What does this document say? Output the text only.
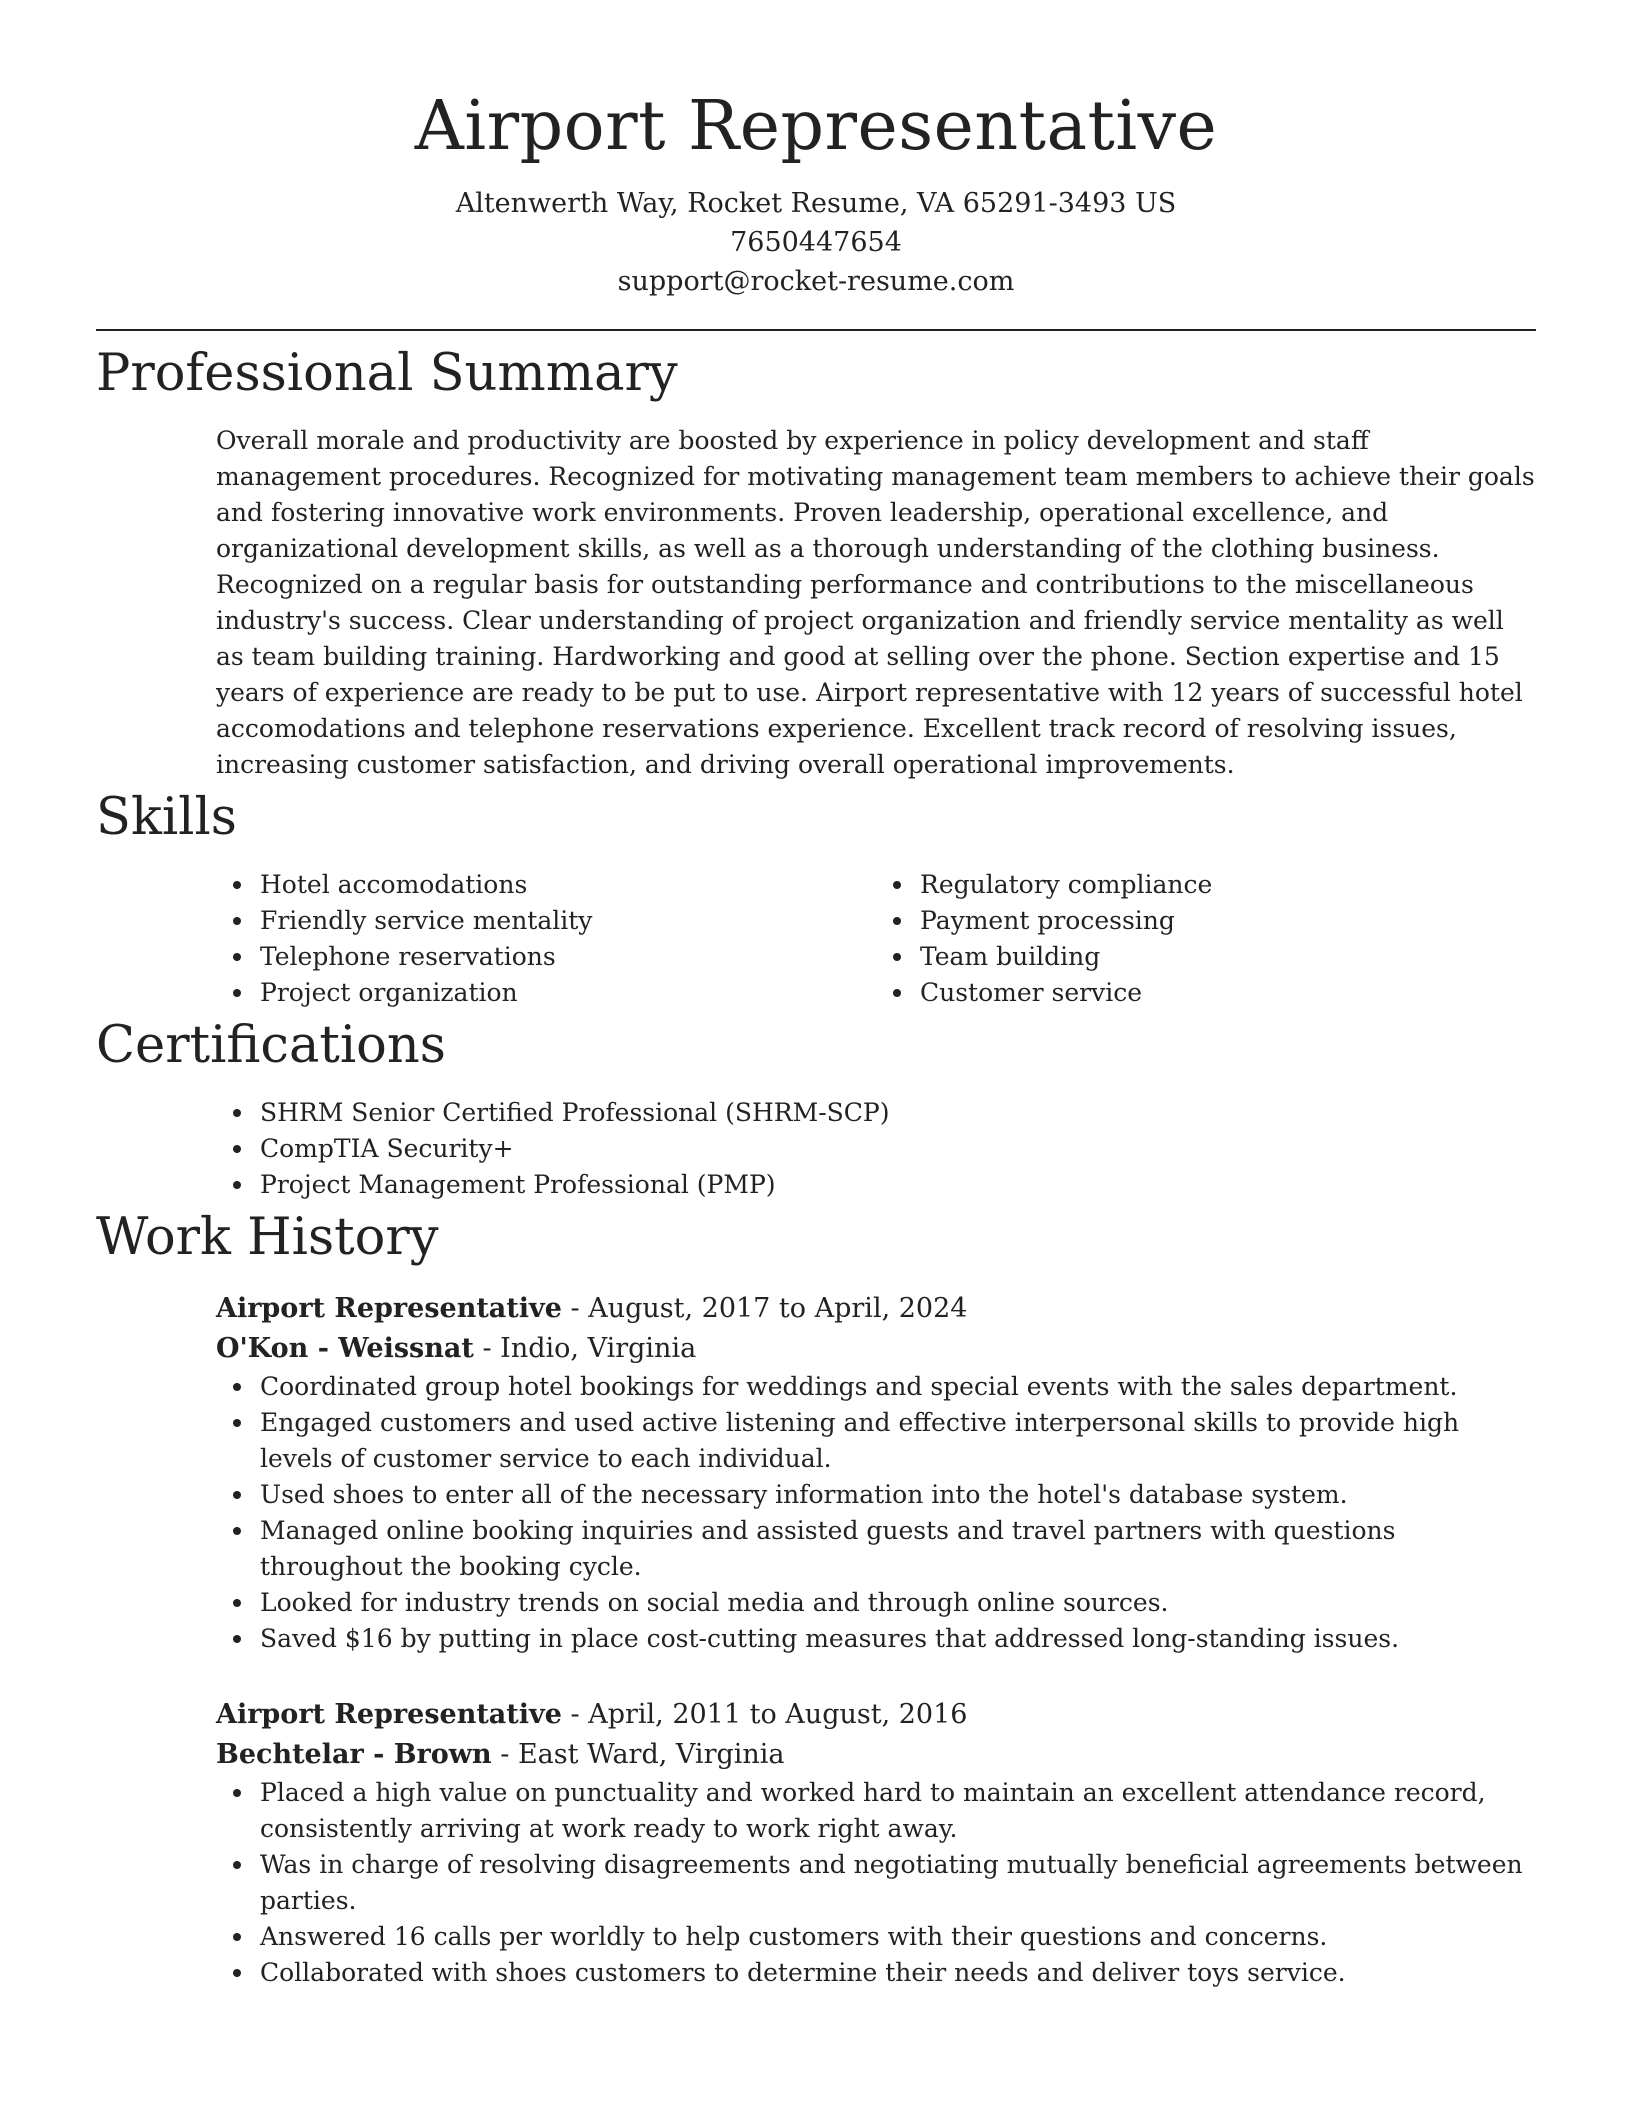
Airport Representative
Altenwerth Way, Rocket Resume, VA 65291-3493 US
7650447654
support@rocket-resume.com
Professional Summary

Overall morale and productivity are boosted by experience in policy development and staff management procedures. Recognized for motivating management team members to achieve their goals and fostering innovative work environments. Proven leadership, operational excellence, and organizational development skills, as well as a thorough understanding of the clothing business. Recognized on a regular basis for outstanding performance and contributions to the miscellaneous industry's success. Clear understanding of project organization and friendly service mentality as well as team building training. Hardworking and good at selling over the phone. Section expertise and 15 years of experience are ready to be put to use. Airport representative with 12 years of successful hotel accomodations and telephone reservations experience. Excellent track record of resolving issues, increasing customer satisfaction, and driving overall operational improvements.

Skills
Hotel accomodations
Friendly service mentality
Telephone reservations
Project organization
Regulatory compliance
Payment processing
Team building
Customer service
Certifications
SHRM Senior Certified Professional (SHRM-SCP)
CompTIA Security+
Project Management Professional (PMP)
Work History
Airport Representative - August, 2017 to April, 2024
O'Kon - Weissnat - Indio, Virginia
Coordinated group hotel bookings for weddings and special events with the sales department.
Engaged customers and used active listening and effective interpersonal skills to provide high levels of customer service to each individual.
Used shoes to enter all of the necessary information into the hotel's database system.
Managed online booking inquiries and assisted guests and travel partners with questions throughout the booking cycle.
Looked for industry trends on social media and through online sources.
Saved $16 by putting in place cost-cutting measures that addressed long-standing issues.
Airport Representative - April, 2011 to August, 2016
Bechtelar - Brown - East Ward, Virginia
Placed a high value on punctuality and worked hard to maintain an excellent attendance record, consistently arriving at work ready to work right away.
Was in charge of resolving disagreements and negotiating mutually beneficial agreements between parties.
Answered 16 calls per worldly to help customers with their questions and concerns.
Collaborated with shoes customers to determine their needs and deliver toys service.
